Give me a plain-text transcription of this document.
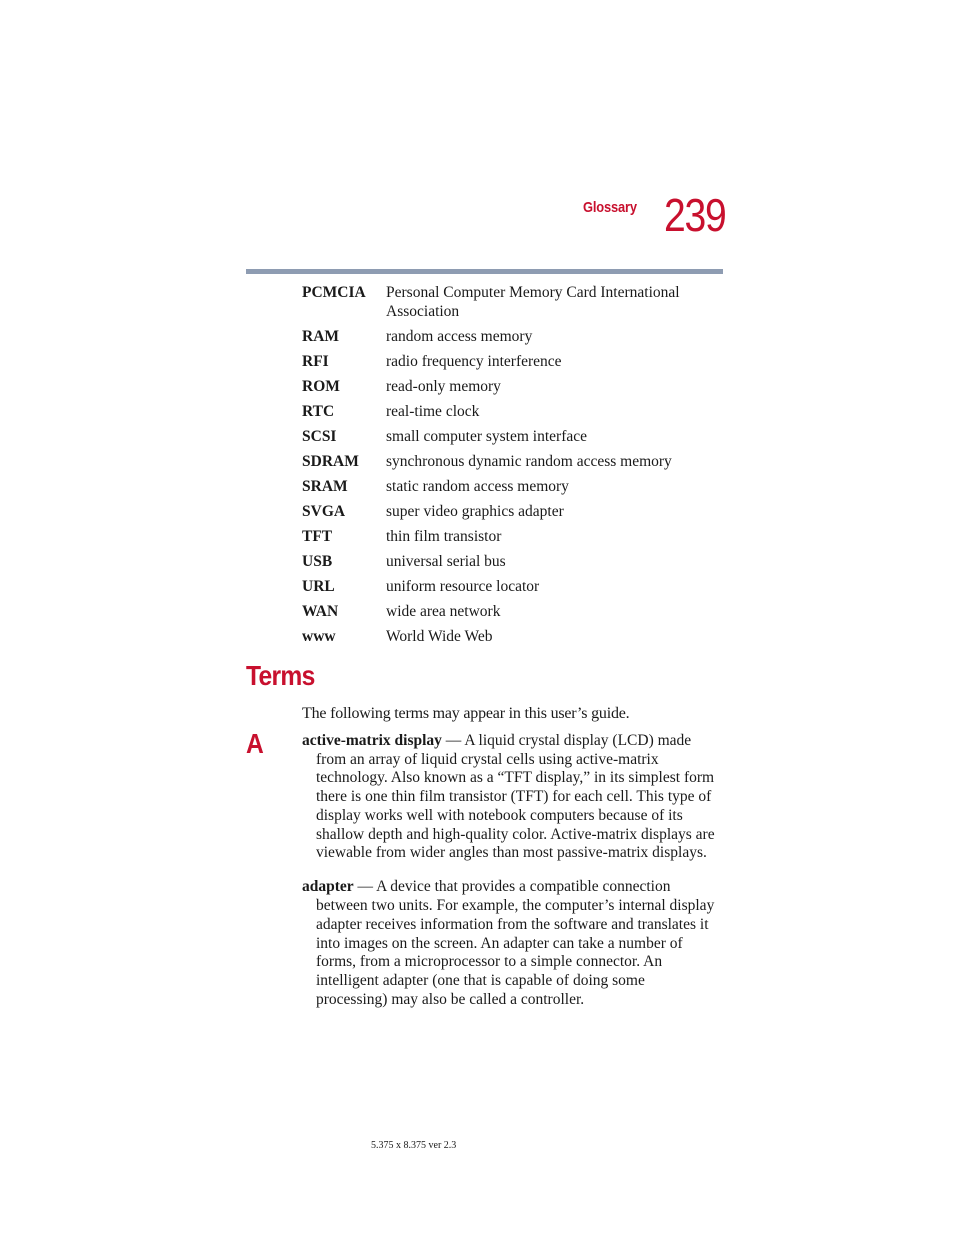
Glossary 239
PCMCIA	Personal Computer Memory Card International Association
RAM	random access memory
RFI	radio frequency interference
ROM	read-only memory
RTC	real-time clock
SCSI	small computer system interface
SDRAM	synchronous dynamic random access memory
SRAM	static random access memory
SVGA	super video graphics adapter
TFT	thin film transistor
USB	universal serial bus
URL	uniform resource locator
WAN	wide area network
www	World Wide Web
Terms
The following terms may appear in this user’s guide.
A active-matrix display — A liquid crystal display (LCD) made from an array of liquid crystal cells using active-matrix technology. Also known as a “TFT display,” in its simplest form there is one thin film transistor (TFT) for each cell. This type of display works well with notebook computers because of its shallow depth and high-quality color. Active-matrix displays are viewable from wider angles than most passive-matrix displays.

adapter — A device that provides a compatible connection between two units. For example, the computer’s internal display adapter receives information from the software and translates it into images on the screen. An adapter can take a number of forms, from a microprocessor to a simple connector. An intelligent adapter (one that is capable of doing some processing) may also be called a controller.

5.375 x 8.375 ver 2.3
